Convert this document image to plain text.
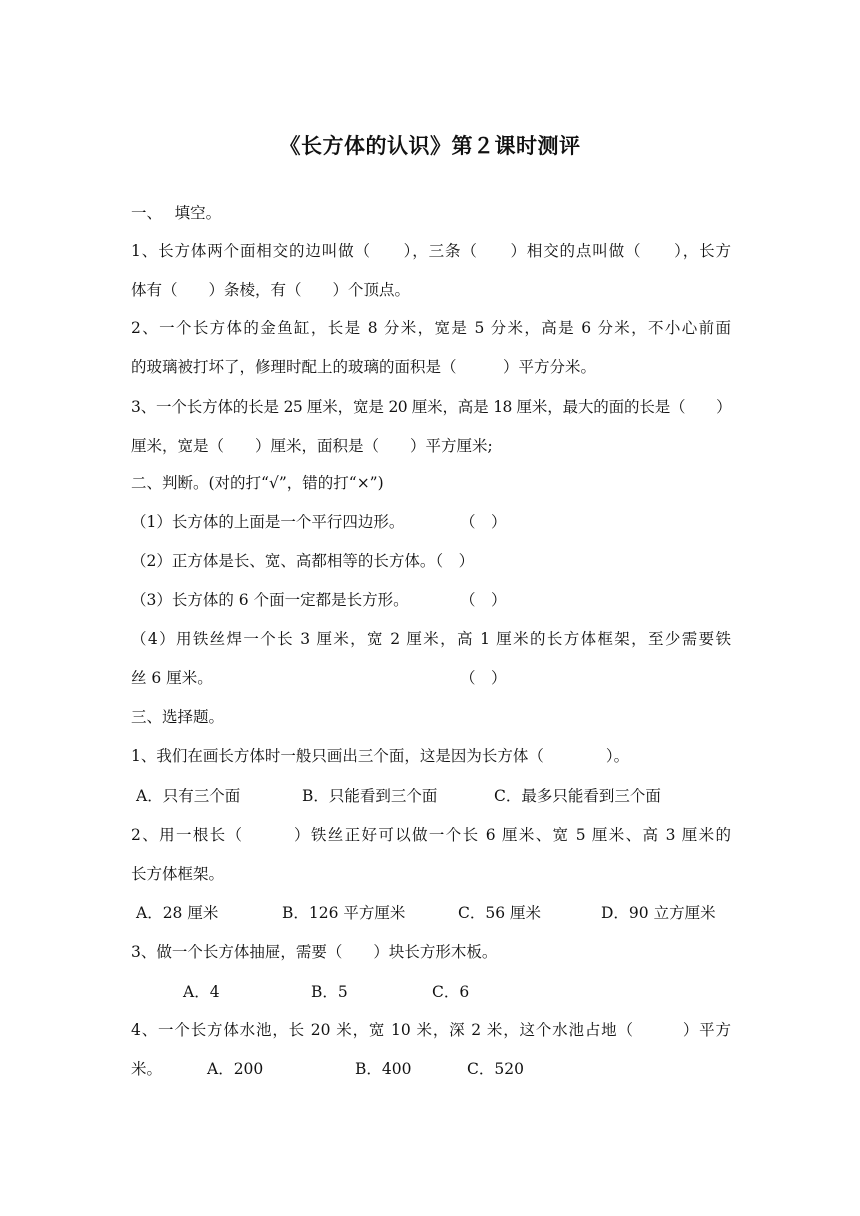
《长方体的认识》第２课时测评
一、　 填空。
1、长方体两个面相交的边叫做（　　），三条（　　）相交的点叫做（　　），长方
体有（　　）条棱，有（　　）个顶点。
2、一个长方体的金鱼缸，长是 8 分米，宽是 5 分米，高是 6 分米，不小心前面
的玻璃被打坏了，修理时配上的玻璃的面积是（　　　）平方分米。
3、一个长方体的长是 25 厘米，宽是 20 厘米，高是 18 厘米，最大的面的长是（　　）
厘米，宽是（　　）厘米，面积是（　　）平方厘米;
二、判断。(对的打“√”，错的打“×”)
（1）长方体的上面是一个平行四边形。	（　）
（2）正方体是长、宽、高都相等的长方体。（　）
（3）长方体的 6 个面一定都是长方形。	（　）
（4）用铁丝焊一个长 3 厘米，宽 2 厘米，高 1 厘米的长方体框架，至少需要铁
丝 6 厘米。	（　）
三、选择题。
1、我们在画长方体时一般只画出三个面，这是因为长方体（　　　　）。
A．只有三个面	B．只能看到三个面	C．最多只能看到三个面
2、用一根长（　　　）铁丝正好可以做一个长 6 厘米、宽 5 厘米、高 3 厘米的
长方体框架。
A．28 厘米	B．126 平方厘米	C．56 厘米	D．90 立方厘米
3、做一个长方体抽屉，需要（　　）块长方形木板。
A．4	B．5	C．6
4、一个长方体水池，长 20 米，宽 10 米，深 2 米，这个水池占地（　　　）平方
米。	A．200	B．400	C．520
